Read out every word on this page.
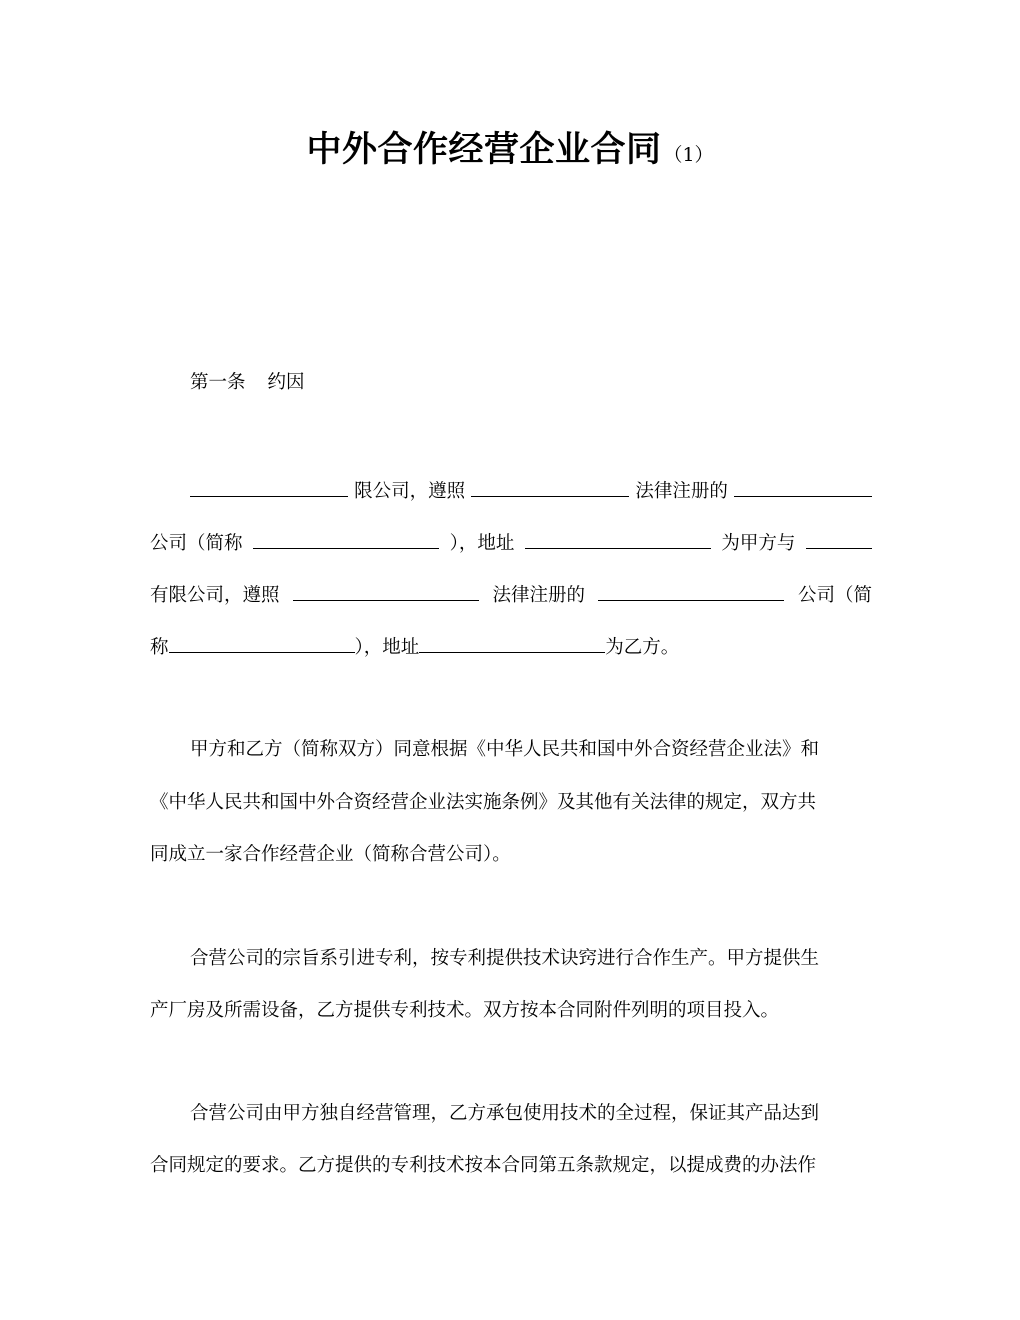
中外合作经营企业合同 （1）
第一条 约因
限公司，遵照	法律注册的
公司（简称	），地址	为甲方与
有限公司，遵照	法律注册的	公司（简
称	），地址	为乙方。
甲方和乙方（简称双方）同意根据《中华人民共和国中外合资经营企业法》和
《中华人民共和国中外合资经营企业法实施条例》及其他有关法律的规定，双方共
同成立一家合作经营企业（简称合营公司）。
合营公司的宗旨系引进专利，按专利提供技术诀窍进行合作生产。甲方提供生
产厂房及所需设备，乙方提供专利技术。双方按本合同附件列明的项目投入。
合营公司由甲方独自经营管理，乙方承包使用技术的全过程，保证其产品达到
合同规定的要求。乙方提供的专利技术按本合同第五条款规定，以提成费的办法作
